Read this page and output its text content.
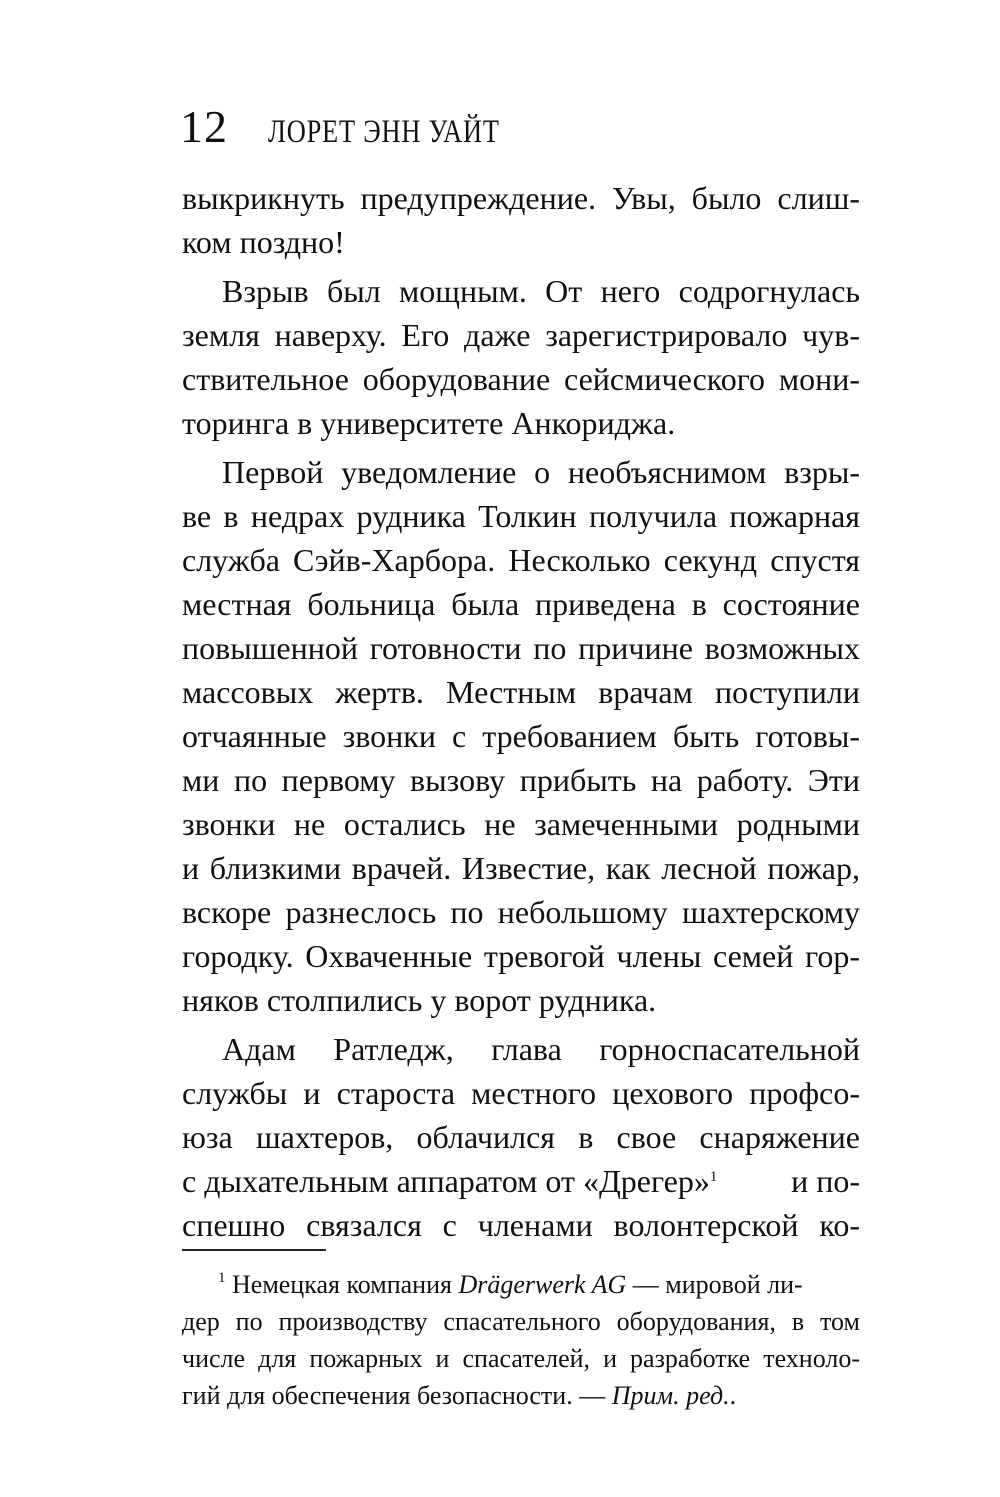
12 ЛОРЕТ ЭНН УАЙТ
выкрикнуть предупреждение. Увы, было слиш-
ком поздно!
Взрыв был мощным. От него содрогнулась
земля наверху. Его даже зарегистрировало чув-
ствительное оборудование сейсмического мони-
торинга в университете Анкориджа.
Первой уведомление о необъяснимом взры-
ве в недрах рудника Толкин получила пожарная
служба Сэйв-Харбора. Несколько секунд спустя
местная больница была приведена в состояние
повышенной готовности по причине возможных
массовых жертв. Местным врачам поступили
отчаянные звонки с требованием быть готовы-
ми по первому вызову прибыть на работу. Эти
звонки не остались не замеченными родными
и близкими врачей. Известие, как лесной пожар,
вскоре разнеслось по небольшому шахтерскому
городку. Охваченные тревогой члены семей гор-
няков столпились у ворот рудника.
Адам Ратледж, глава горноспасательной
службы и староста местного цехового профсо-
юза шахтеров, облачился в свое снаряжение
с дыхательным аппаратом от «Дрегер»$^1$ и по-
спешно связался с членами волонтерской ко-
$^1$ Немецкая компания Drägerwerk AG — мировой ли-
дер по производству спасательного оборудования, в том
числе для пожарных и спасателей, и разработке техноло-
гий для обеспечения безопасности. — Прим. ред..
